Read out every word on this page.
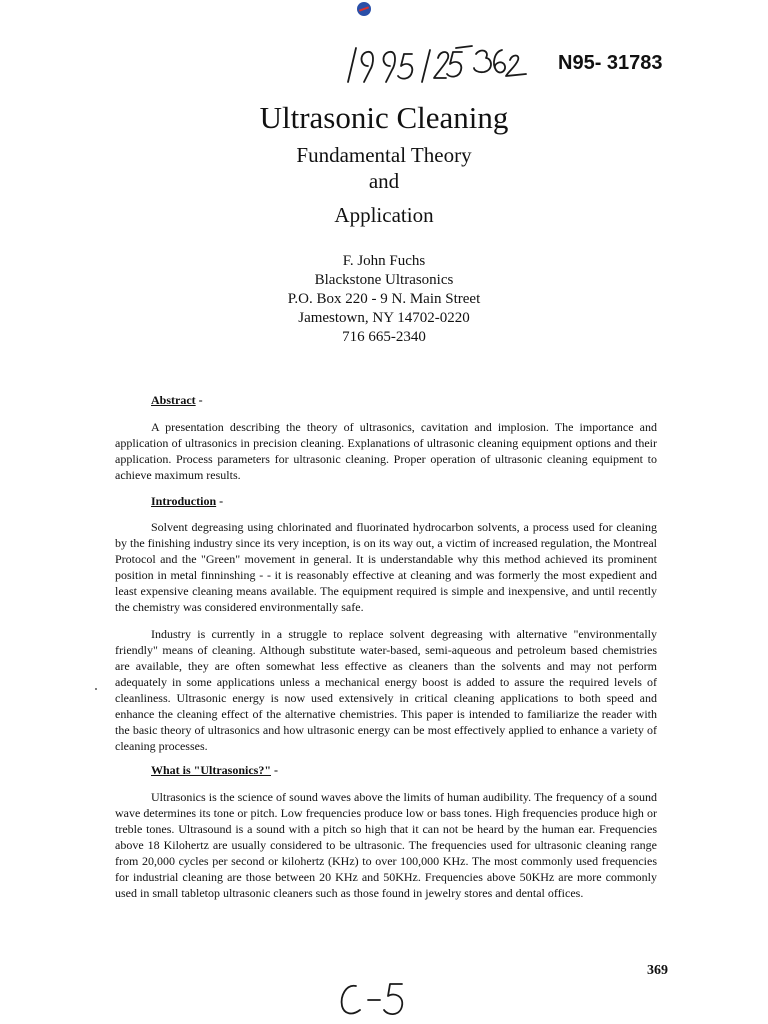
N95- 31783
Ultrasonic Cleaning
Fundamental Theory
and
Application
F. John Fuchs
Blackstone Ultrasonics
P.O. Box 220 - 9 N. Main Street
Jamestown, NY 14702-0220
716 665-2340
Abstract -

A presentation describing the theory of ultrasonics, cavitation and implosion. The importance and application of ultrasonics in precision cleaning. Explanations of ultrasonic cleaning equipment options and their application. Process parameters for ultrasonic cleaning. Proper operation of ultrasonic cleaning equipment to achieve maximum results.

Introduction -

Solvent degreasing using chlorinated and fluorinated hydrocarbon solvents, a process used for cleaning by the finishing industry since its very inception, is on its way out, a victim of increased regulation, the Montreal Protocol and the "Green" movement in general. It is understandable why this method achieved its prominent position in metal finninshing - - it is reasonably effective at cleaning and was formerly the most expedient and least expensive cleaning means available. The equipment required is simple and inexpensive, and until recently the chemistry was considered environmentally safe.

Industry is currently in a struggle to replace solvent degreasing with alternative "environmentally friendly" means of cleaning. Although substitute water-based, semi-aqueous and petroleum based chemistries are available, they are often somewhat less effective as cleaners than the solvents and may not perform adequately in some applications unless a mechanical energy boost is added to assure the required levels of cleanliness. Ultrasonic energy is now used extensively in critical cleaning applications to both speed and enhance the cleaning effect of the alternative chemistries. This paper is intended to familiarize the reader with the basic theory of ultrasonics and how ultrasonic energy can be most effectively applied to enhance a variety of cleaning processes.

What is "Ultrasonics?" -

Ultrasonics is the science of sound waves above the limits of human audibility. The frequency of a sound wave determines its tone or pitch. Low frequencies produce low or bass tones. High frequencies produce high or treble tones. Ultrasound is a sound with a pitch so high that it can not be heard by the human ear. Frequencies above 18 Kilohertz are usually considered to be ultrasonic. The frequencies used for ultrasonic cleaning range from 20,000 cycles per second or kilohertz (KHz) to over 100,000 KHz. The most commonly used frequencies for industrial cleaning are those between 20 KHz and 50KHz. Frequencies above 50KHz are more commonly used in small tabletop ultrasonic cleaners such as those found in jewelry stores and dental offices.

369
